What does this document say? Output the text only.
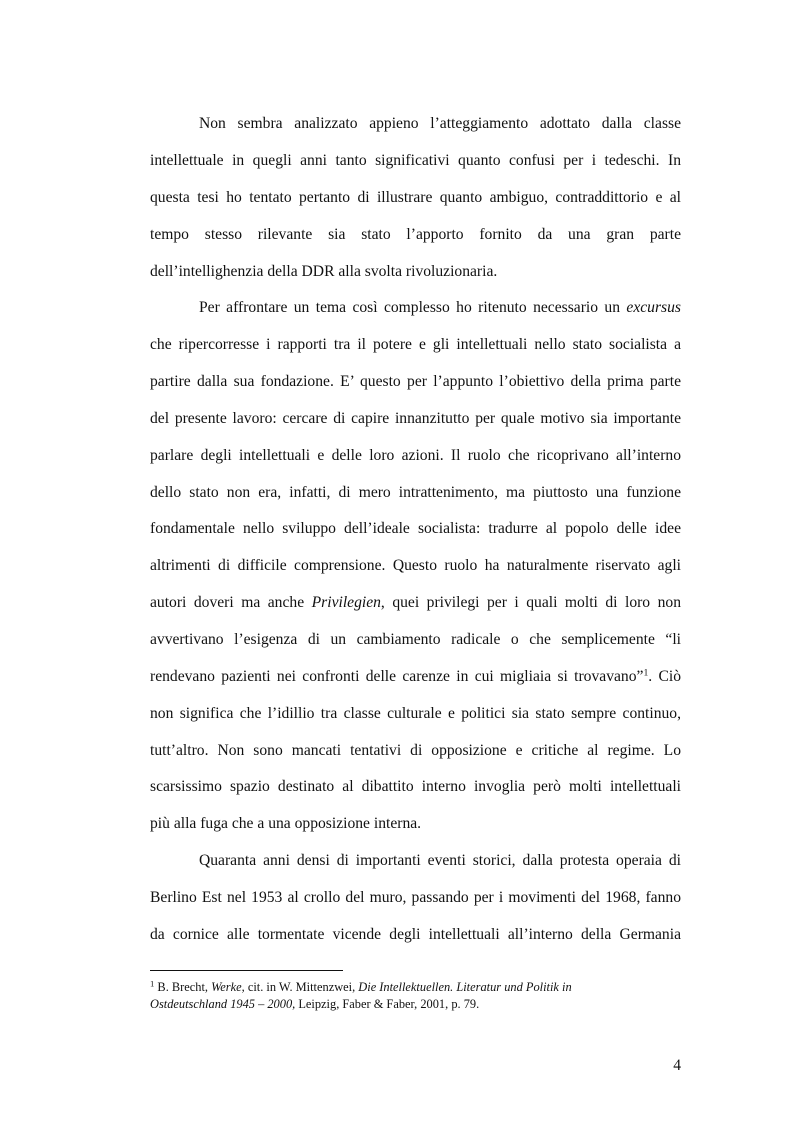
Non sembra analizzato appieno l’atteggiamento adottato dalla classe
intellettuale in quegli anni tanto significativi quanto confusi per i tedeschi. In
questa tesi ho tentato pertanto di illustrare quanto ambiguo, contraddittorio e al
tempo stesso rilevante sia stato l’apporto fornito da una gran parte
dell’intellighenzia della DDR alla svolta rivoluzionaria.
Per affrontare un tema così complesso ho ritenuto necessario un excursus
che ripercorresse i rapporti tra il potere e gli intellettuali nello stato socialista a
partire dalla sua fondazione. E’ questo per l’appunto l’obiettivo della prima parte
del presente lavoro: cercare di capire innanzitutto per quale motivo sia importante
parlare degli intellettuali e delle loro azioni. Il ruolo che ricoprivano all’interno
dello stato non era, infatti, di mero intrattenimento, ma piuttosto una funzione
fondamentale nello sviluppo dell’ideale socialista: tradurre al popolo delle idee
altrimenti di difficile comprensione. Questo ruolo ha naturalmente riservato agli
autori doveri ma anche Privilegien, quei privilegi per i quali molti di loro non
avvertivano l’esigenza di un cambiamento radicale o che semplicemente “li
rendevano pazienti nei confronti delle carenze in cui migliaia si trovavano”$^1$. Ciò
non significa che l’idillio tra classe culturale e politici sia stato sempre continuo,
tutt’altro. Non sono mancati tentativi di opposizione e critiche al regime. Lo
scarsissimo spazio destinato al dibattito interno invoglia però molti intellettuali
più alla fuga che a una opposizione interna.
Quaranta anni densi di importanti eventi storici, dalla protesta operaia di
Berlino Est nel 1953 al crollo del muro, passando per i movimenti del 1968, fanno
da cornice alle tormentate vicende degli intellettuali all’interno della Germania
$^1$ B. Brecht, Werke, cit. in W. Mittenzwei, Die Intellektuellen. Literatur und Politik in
Ostdeutschland 1945 – 2000, Leipzig, Faber & Faber, 2001, p. 79.
4
